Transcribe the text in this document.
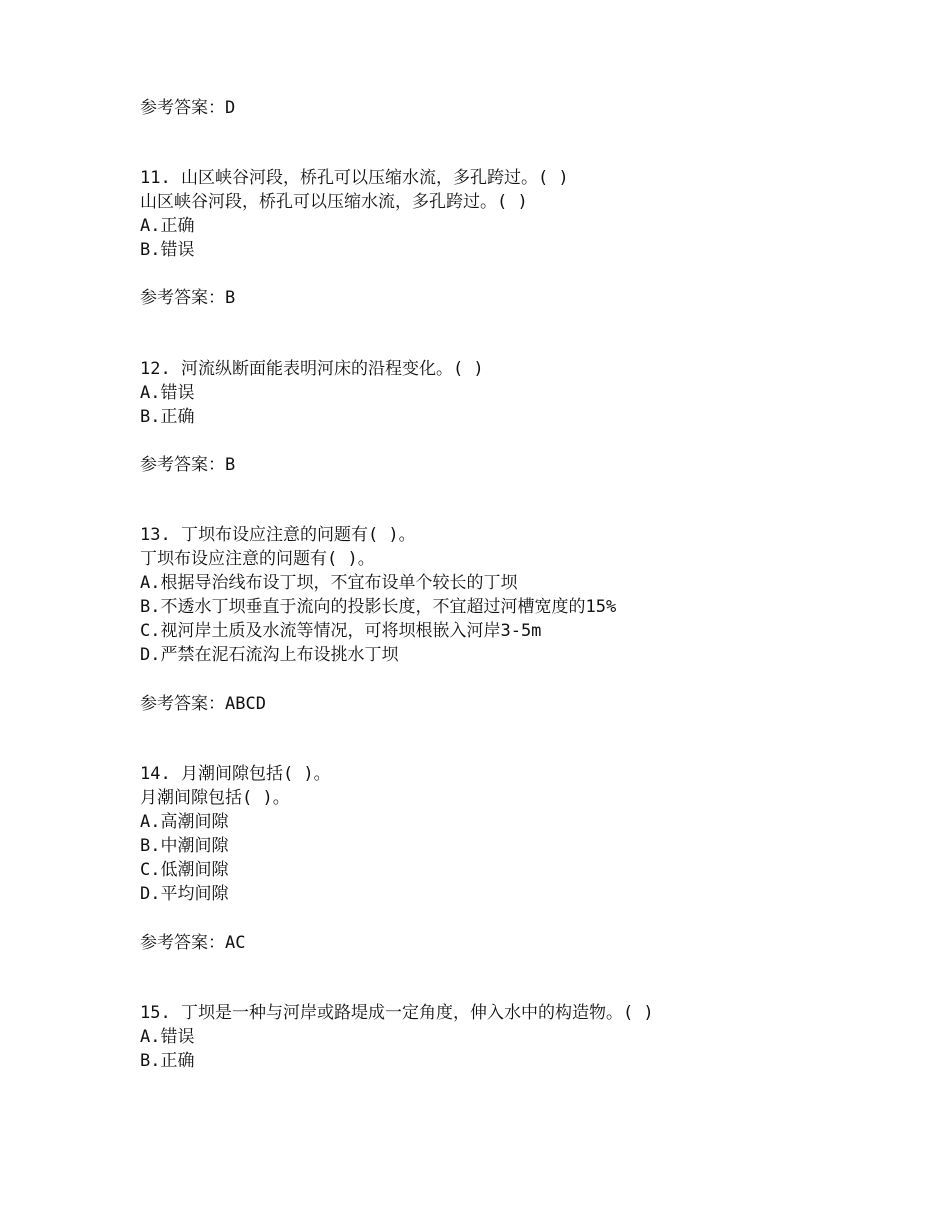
参考答案：D
11. 山区峡谷河段，桥孔可以压缩水流，多孔跨过。( )
山区峡谷河段，桥孔可以压缩水流，多孔跨过。( )
A.正确
B.错误
参考答案：B
12. 河流纵断面能表明河床的沿程变化。( )
A.错误
B.正确
参考答案：B
13. 丁坝布设应注意的问题有( )。
丁坝布设应注意的问题有( )。
A.根据导治线布设丁坝，不宜布设单个较长的丁坝
B.不透水丁坝垂直于流向的投影长度，不宜超过河槽宽度的15%
C.视河岸土质及水流等情况，可将坝根嵌入河岸3-5m
D.严禁在泥石流沟上布设挑水丁坝
参考答案：ABCD
14. 月潮间隙包括( )。
月潮间隙包括( )。
A.高潮间隙
B.中潮间隙
C.低潮间隙
D.平均间隙
参考答案：AC
15. 丁坝是一种与河岸或路堤成一定角度，伸入水中的构造物。( )
A.错误
B.正确
